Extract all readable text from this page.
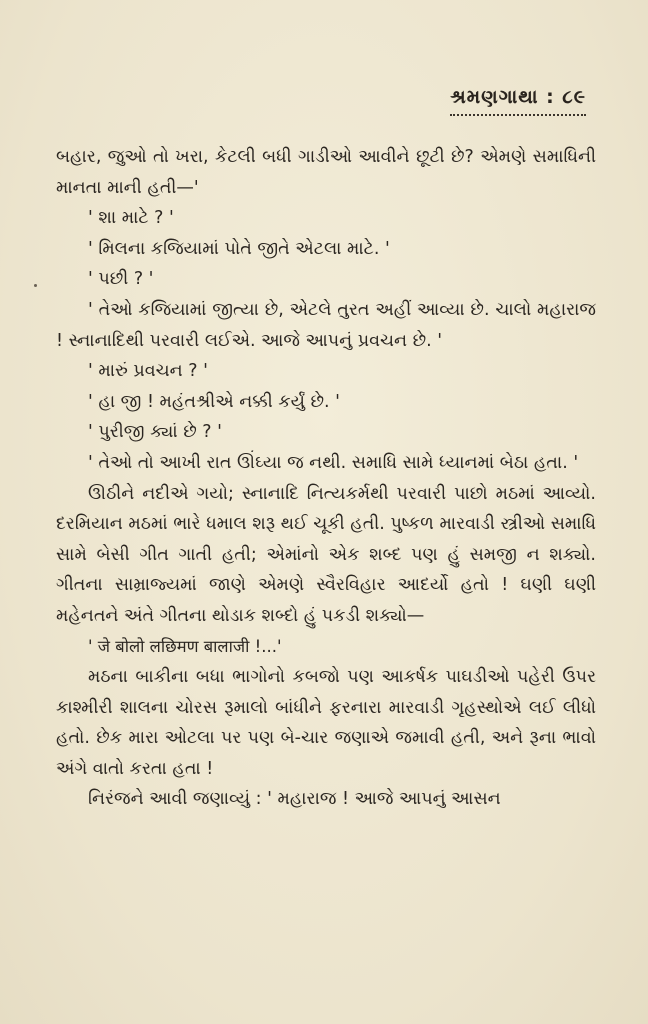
શ્રમણગાથા : ૮૯

બહાર, જુઓ તો ખરા, કેટલી બધી ગાડીઓ આવીને છૂટી છે? એમણે સમાધિની માનતા માની હતી—'

' શા માટે ? '

' મિલના કજિયામાં પોતે જીતે એટલા માટે. '

' પછી ? '

' તેઓ કજિયામાં જીત્યા છે, એટલે તુરત અહીં આવ્યા છે. ચાલો મહારાજ ! સ્નાનાદિથી પરવારી લઈએ. આજે આપનું પ્રવચન છે. '

' મારું પ્રવચન ? '

' હા જી ! મહંતશ્રીએ નક્કી કર્યું છે. '

' પુરીજી ક્યાં છે ? '

' તેઓ તો આખી રાત ઊંઘ્યા જ નથી. સમાધિ સામે ધ્યાનમાં બેઠા હતા. '

ઊઠીને નદીએ ગયો; સ્નાનાદિ નિત્યકર્મથી પરવારી પાછો મઠમાં આવ્યો. દરમિયાન મઠમાં ભારે ધમાલ શરૂ થઈ ચૂકી હતી. પુષ્કળ મારવાડી સ્ત્રીઓ સમાધિ સામે બેસી ગીત ગાતી હતી; એમાંનો એક શબ્દ પણ હું સમજી ન શક્યો. ગીતના સામ્રાજ્યમાં જાણે એમણે સ્વૈરવિહાર આદર્યો હતો ! ઘણી ઘણી મહેનતને અંતે ગીતના થોડાક શબ્દો હું પકડી શક્યો—

' जे बोलो लछिमण बालाजी !...'

મઠના બાકીના બધા ભાગોનો કબજો પણ આકર્ષક પાઘડીઓ પહેરી ઉપર કાશ્મીરી શાલના ચોરસ રૂમાલો બાંધીને ફરનારા મારવાડી ગૃહસ્થોએ લઈ લીધો હતો. છેક મારા ઓટલા પર પણ બે-ચાર જણાએ જમાવી હતી, અને રૂના ભાવો અંગે વાતો કરતા હતા !

નિરંજને આવી જણાવ્યું : ' મહારાજ ! આજે આપનું આસન
